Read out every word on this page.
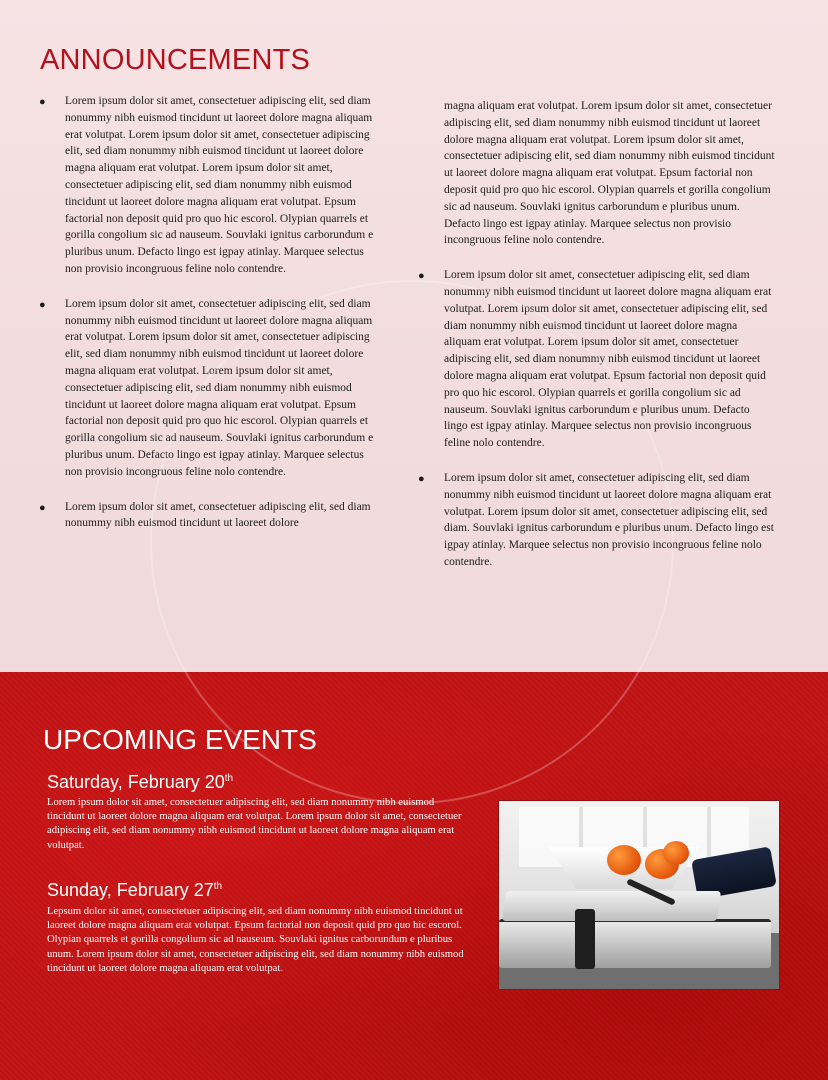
ANNOUNCEMENTS
● Lorem ipsum dolor sit amet, consectetuer adipiscing elit, sed diam nonummy nibh euismod tincidunt ut laoreet dolore magna aliquam erat volutpat. Lorem ipsum dolor sit amet, consectetuer adipiscing elit, sed diam nonummy nibh euismod tincidunt ut laoreet dolore magna aliquam erat volutpat. Lorem ipsum dolor sit amet, consectetuer adipiscing elit, sed diam nonummy nibh euismod tincidunt ut laoreet dolore magna aliquam erat volutpat. Epsum factorial non deposit quid pro quo hic escorol. Olypian quarrels et gorilla congolium sic ad nauseum. Souvlaki ignitus carborundum e pluribus unum. Defacto lingo est igpay atinlay. Marquee selectus non provisio incongruous feline nolo contendre.
● Lorem ipsum dolor sit amet, consectetuer adipiscing elit, sed diam nonummy nibh euismod tincidunt ut laoreet dolore magna aliquam erat volutpat. Lorem ipsum dolor sit amet, consectetuer adipiscing elit, sed diam nonummy nibh euismod tincidunt ut laoreet dolore magna aliquam erat volutpat. Lorem ipsum dolor sit amet, consectetuer adipiscing elit, sed diam nonummy nibh euismod tincidunt ut laoreet dolore magna aliquam erat volutpat. Epsum factorial non deposit quid pro quo hic escorol. Olypian quarrels et gorilla congolium sic ad nauseum. Souvlaki ignitus carborundum e pluribus unum. Defacto lingo est igpay atinlay. Marquee selectus non provisio incongruous feline nolo contendre.
● Lorem ipsum dolor sit amet, consectetuer adipiscing elit, sed diam nonummy nibh euismod tincidunt ut laoreet dolore
magna aliquam erat volutpat. Lorem ipsum dolor sit amet, consectetuer adipiscing elit, sed diam nonummy nibh euismod tincidunt ut laoreet dolore magna aliquam erat volutpat. Lorem ipsum dolor sit amet, consectetuer adipiscing elit, sed diam nonummy nibh euismod tincidunt ut laoreet dolore magna aliquam erat volutpat. Epsum factorial non deposit quid pro quo hic escorol. Olypian quarrels et gorilla congolium sic ad nauseum. Souvlaki ignitus carborundum e pluribus unum. Defacto lingo est igpay atinlay. Marquee selectus non provisio incongruous feline nolo contendre.
● Lorem ipsum dolor sit amet, consectetuer adipiscing elit, sed diam nonummy nibh euismod tincidunt ut laoreet dolore magna aliquam erat volutpat. Lorem ipsum dolor sit amet, consectetuer adipiscing elit, sed diam nonummy nibh euismod tincidunt ut laoreet dolore magna aliquam erat volutpat. Lorem ipsum dolor sit amet, consectetuer adipiscing elit, sed diam nonummy nibh euismod tincidunt ut laoreet dolore magna aliquam erat volutpat. Epsum factorial non deposit quid pro quo hic escorol. Olypian quarrels et gorilla congolium sic ad nauseum. Souvlaki ignitus carborundum e pluribus unum. Defacto lingo est igpay atinlay. Marquee selectus non provisio incongruous feline nolo contendre.
● Lorem ipsum dolor sit amet, consectetuer adipiscing elit, sed diam nonummy nibh euismod tincidunt ut laoreet dolore magna aliquam erat volutpat. Lorem ipsum dolor sit amet, consectetuer adipiscing elit, sed diam. Souvlaki ignitus carborundum e pluribus unum. Defacto lingo est igpay atinlay. Marquee selectus non provisio incongruous feline nolo contendre.
UPCOMING EVENTS
Saturday, February 20th

Lorem ipsum dolor sit amet, consectetuer adipiscing elit, sed diam nonummy nibh euismod tincidunt ut laoreet dolore magna aliquam erat volutpat. Lorem ipsum dolor sit amet, consectetuer adipiscing elit, sed diam nonummy nibh euismod tincidunt ut laoreet dolore magna aliquam erat volutpat.

Sunday, February 27th

Lepsum dolor sit amet, consectetuer adipiscing elit, sed diam nonummy nibh euismod tincidunt ut laoreet dolore magna aliquam erat volutpat. Epsum factorial non deposit quid pro quo hic escorol. Olypian quarrels et gorilla congolium sic ad nauseum. Souvlaki ignitus carborundum e pluribus unum. Lorem ipsum dolor sit amet, consectetuer adipiscing elit, sed diam nonummy nibh euismod tincidunt ut laoreet dolore magna aliquam erat volutpat.
